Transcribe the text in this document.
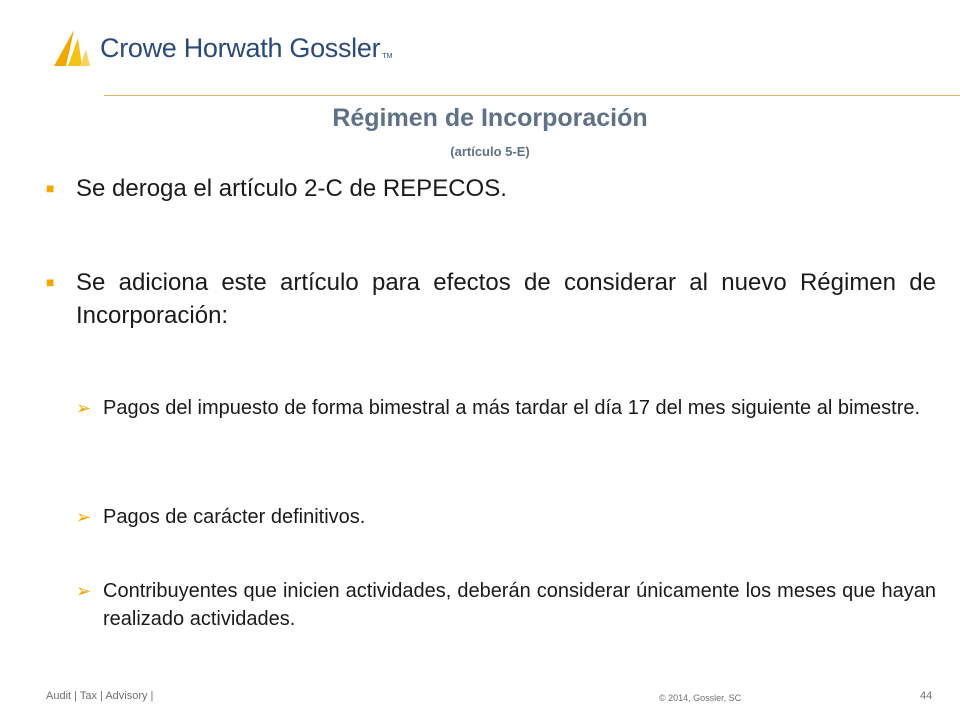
Crowe Horwath Gossler TM
Régimen de Incorporación
(artículo 5-E)
■ Se deroga el artículo 2-C de REPECOS.
■ Se adiciona este artículo para efectos de considerar al nuevo Régimen de Incorporación:
➢ Pagos del impuesto de forma bimestral a más tardar el día 17 del mes siguiente al bimestre.
➢ Pagos de carácter definitivos.
➢ Contribuyentes que inicien actividades, deberán considerar únicamente los meses que hayan realizado actividades.
Audit | Tax | Advisory |	© 2014, Gossler, SC	44
